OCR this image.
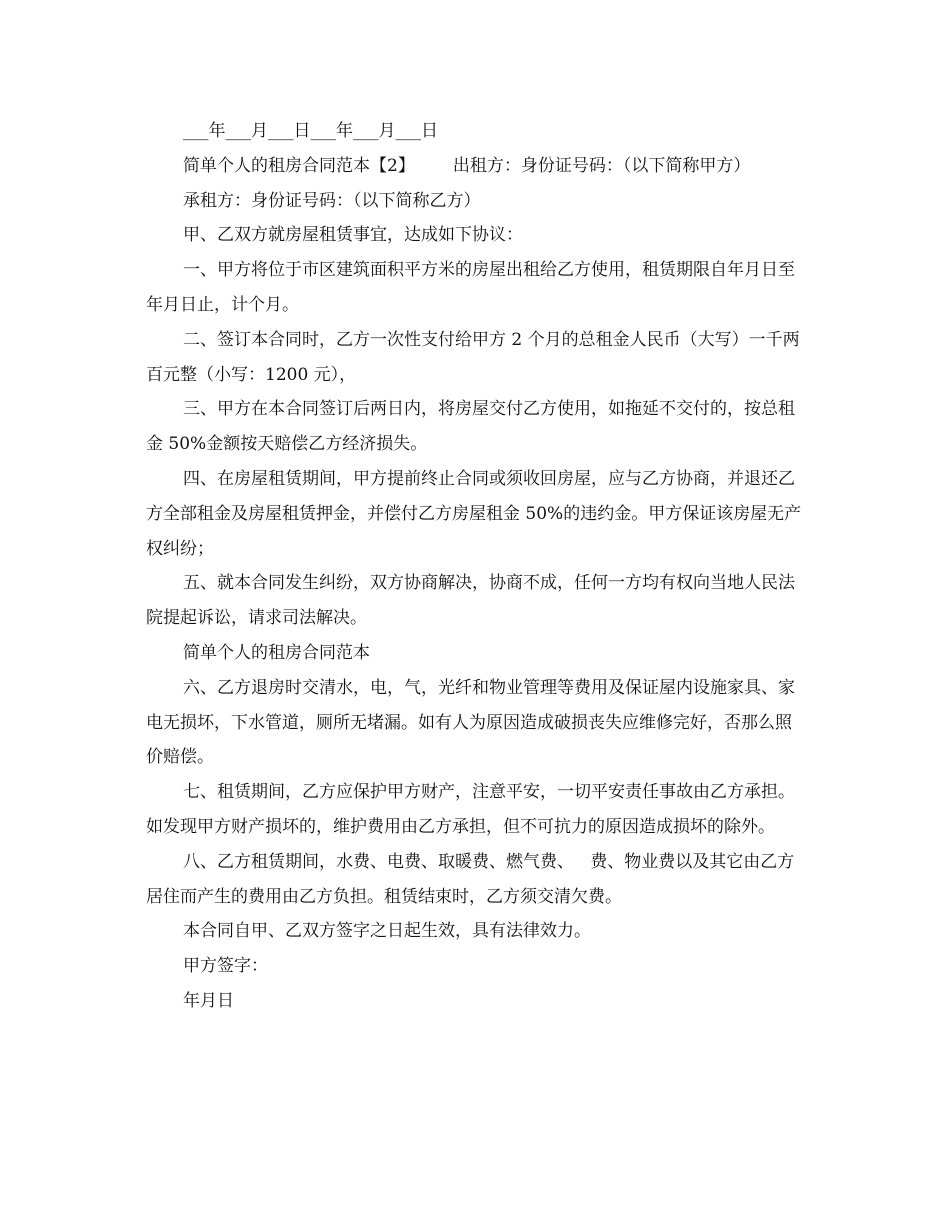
___年___月___日___年___月___日

简单个人的租房合同范本【2】 出租方：身份证号码：（以下简称甲方）

承租方：身份证号码：（以下简称乙方）

甲、乙双方就房屋租赁事宜，达成如下协议：

一、甲方将位于市区建筑面积平方米的房屋出租给乙方使用，租赁期限自年月日至年月日止，计个月。

二、签订本合同时，乙方一次性支付给甲方 2 个月的总租金人民币（大写）一千两百元整（小写：1200 元），

三、甲方在本合同签订后两日内，将房屋交付乙方使用，如拖延不交付的，按总租金 50%金额按天赔偿乙方经济损失。

四、在房屋租赁期间，甲方提前终止合同或须收回房屋，应与乙方协商，并退还乙方全部租金及房屋租赁押金，并偿付乙方房屋租金 50%的违约金。甲方保证该房屋无产权纠纷；

五、就本合同发生纠纷，双方协商解决，协商不成，任何一方均有权向当地人民法院提起诉讼，请求司法解决。

简单个人的租房合同范本

六、乙方退房时交清水，电，气，光纤和物业管理等费用及保证屋内设施家具、家电无损坏，下水管道，厕所无堵漏。如有人为原因造成破损丧失应维修完好，否那么照价赔偿。

七、租赁期间，乙方应保护甲方财产，注意平安，一切平安责任事故由乙方承担。如发现甲方财产损坏的，维护费用由乙方承担，但不可抗力的原因造成损坏的除外。

八、乙方租赁期间，水费、电费、取暖费、燃气费、   费、物业费以及其它由乙方居住而产生的费用由乙方负担。租赁结束时，乙方须交清欠费。

本合同自甲、乙双方签字之日起生效，具有法律效力。

甲方签字：

年月日
